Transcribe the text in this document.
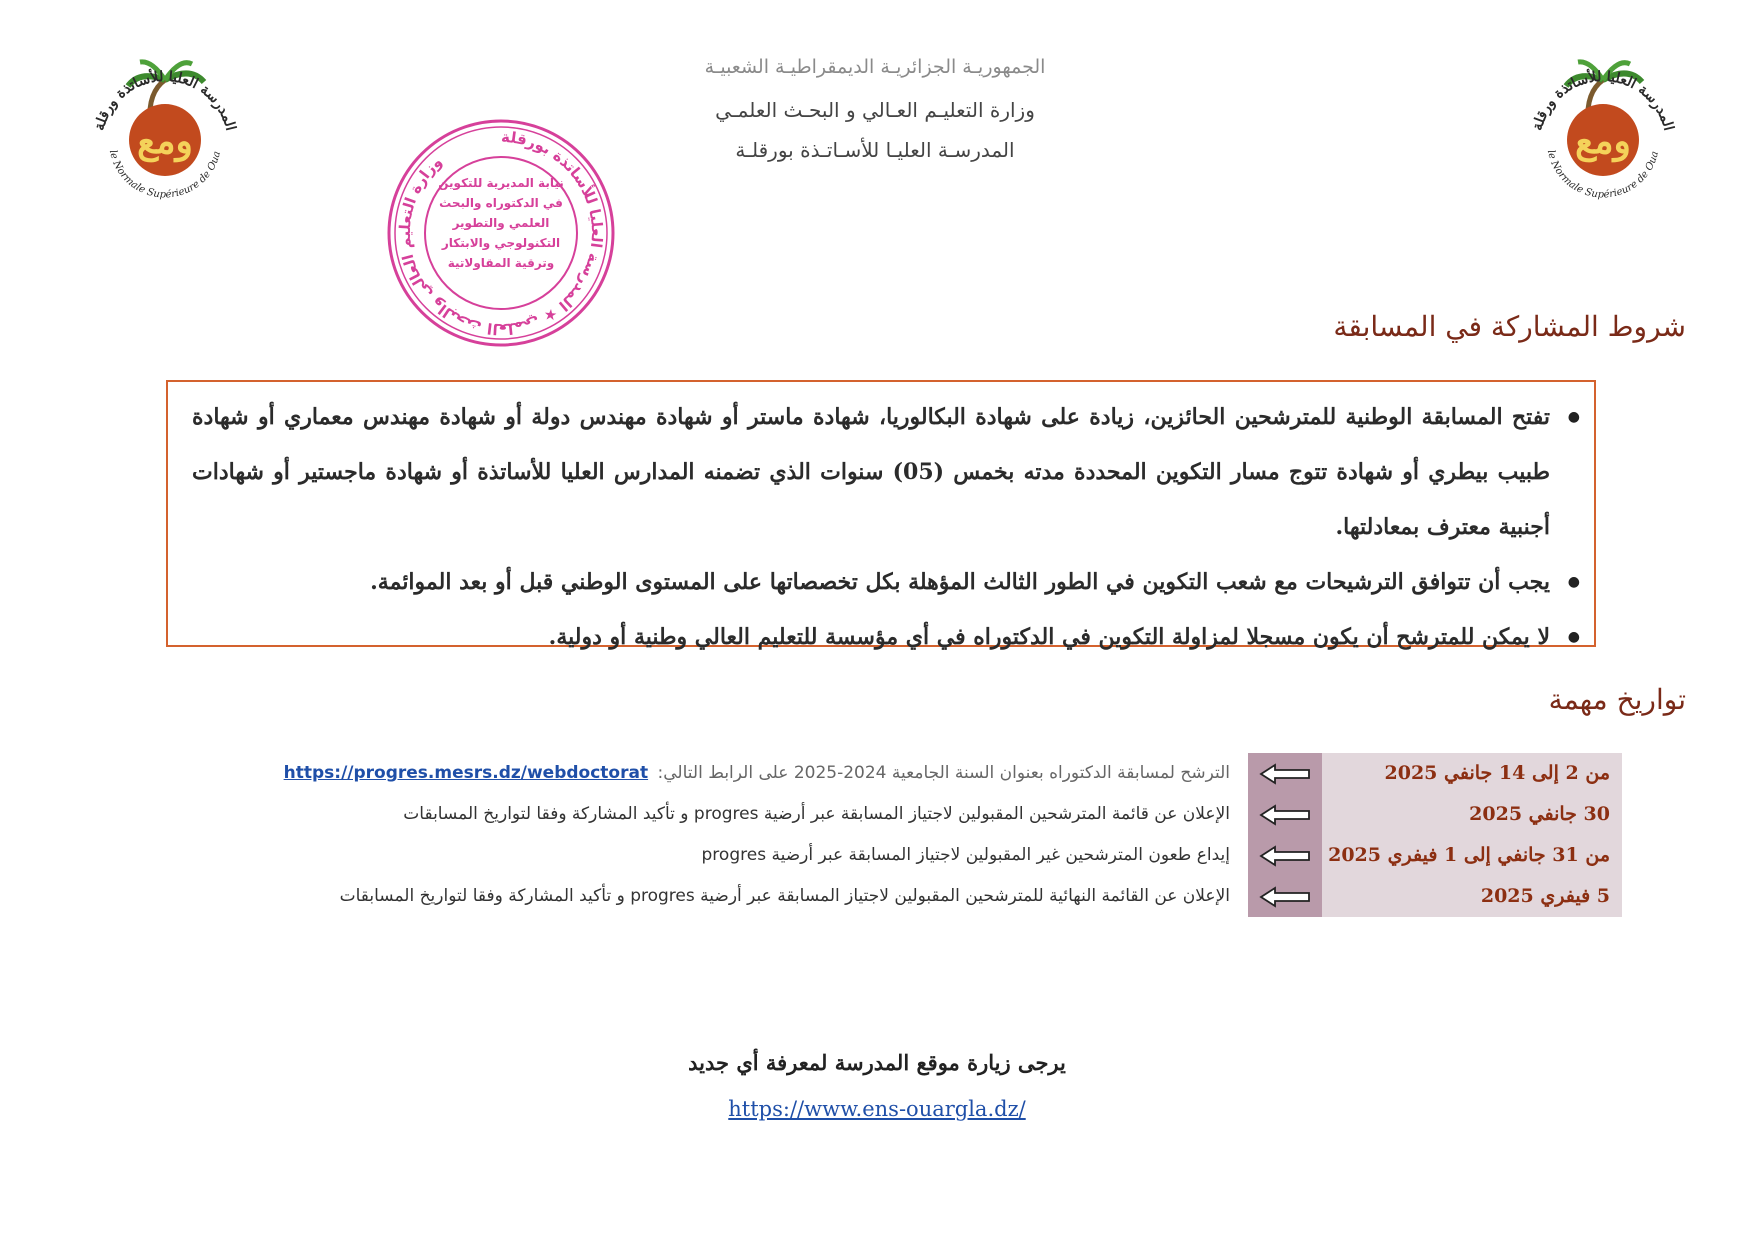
الجمهوريـة الجزائريـة الديمقراطيـة الشعبيـة
وزارة التعليـم العـالي و البحـث العلمـي
المدرسـة العليـا للأسـاتـذة بورقلـة
ومع
المدرسة العليا للأساتذة ورقلة
le Normale Supérieure de Oua	ومع
المدرسة العليا للأساتذة ورقلة
le Normale Supérieure de Oua
وزارة التعليم العالي والبحث العلمي ★ المدرسة العليا للأساتذة بورقلة
نيابة المديرية للتكوين في الدكتوراه والبحث العلمي والتطوير التكنولوجي والابتكار وترقية المقاولاتية
شروط المشاركة في المسابقة
● تفتح المسابقة الوطنية للمترشحين الحائزين، زيادة على شهادة البكالوريا، شهادة ماستر أو شهادة مهندس دولة أو شهادة مهندس معماري أو شهادة طبيب بيطري أو شهادة تتوج مسار التكوين المحددة مدته بخمس (05) سنوات الذي تضمنه المدارس العليا للأساتذة أو شهادة ماجستير أو شهادات أجنبية معترف بمعادلتها.
● يجب أن تتوافق الترشيحات مع شعب التكوين في الطور الثالث المؤهلة بكل تخصصاتها على المستوى الوطني قبل أو بعد الموائمة.
● لا يمكن للمترشح أن يكون مسجلا لمزاولة التكوين في الدكتوراه في أي مؤسسة للتعليم العالي وطنية أو دولية.
تواريخ مهمة
من 2 إلى 14 جانفي 2025
الترشح لمسابقة الدكتوراه بعنوان السنة الجامعية 2024-2025 على الرابط التالي: https://progres.mesrs.dz/webdoctorat
30 جانفي 2025
الإعلان عن قائمة المترشحين المقبولين لاجتياز المسابقة عبر أرضية progres و تأكيد المشاركة وفقا لتواريخ المسابقات
من 31 جانفي إلى 1 فيفري 2025
إيداع طعون المترشحين غير المقبولين لاجتياز المسابقة عبر أرضية progres
5 فيفري 2025
الإعلان عن القائمة النهائية للمترشحين المقبولين لاجتياز المسابقة عبر أرضية progres و تأكيد المشاركة وفقا لتواريخ المسابقات
يرجى زيارة موقع المدرسة لمعرفة أي جديد
https://www.ens-ouargla.dz/
